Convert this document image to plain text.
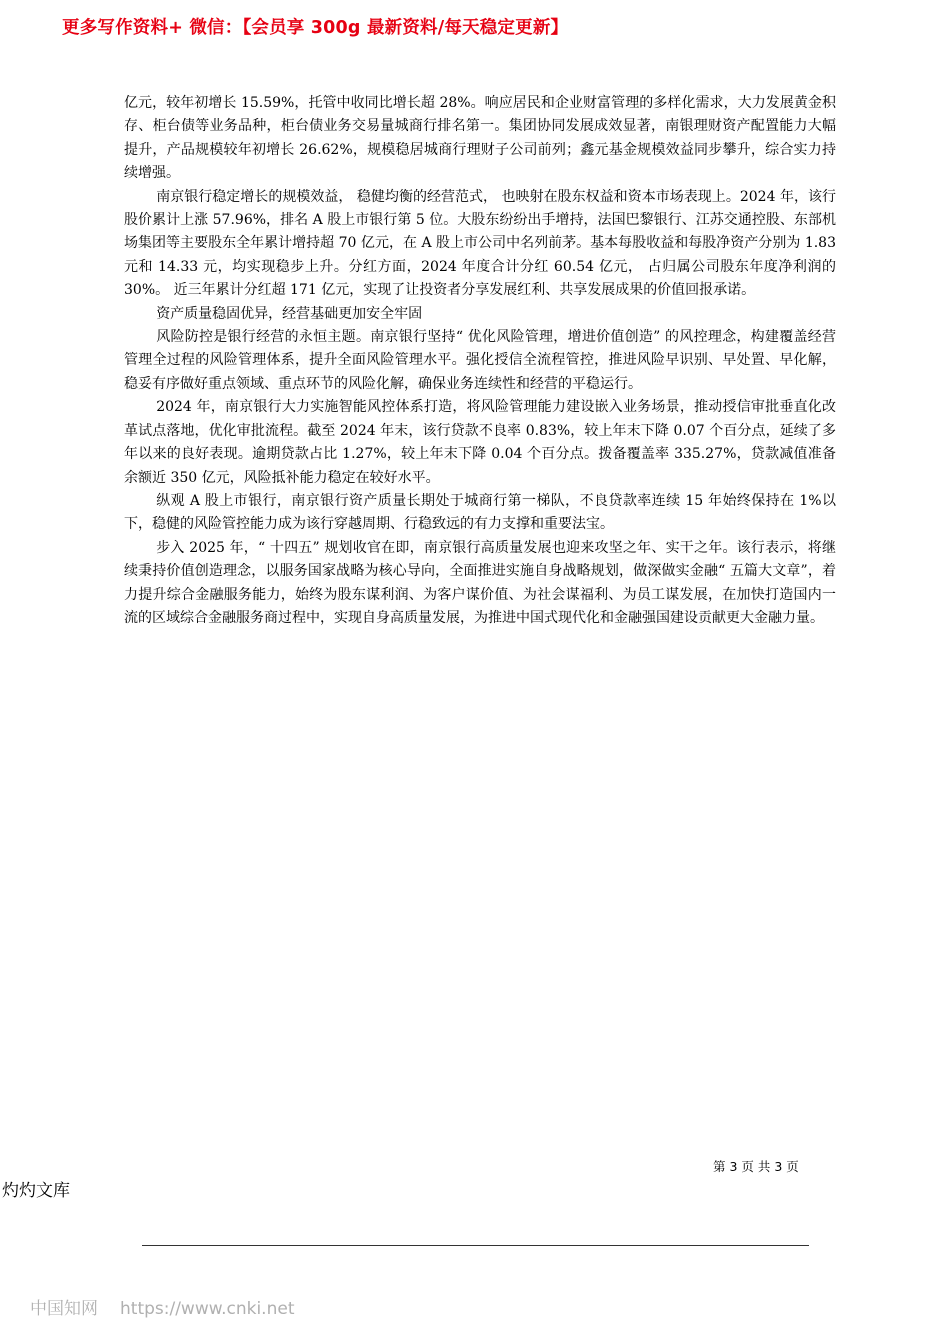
更多写作资料+ 微信：【会员享 300g 最新资料/每天稳定更新】

亿元，较年初增长 15.59%，托管中收同比增长超 28%。响应居民和企业财富管理的多样化需求，大力发展黄金积存、柜台债等业务品种，柜台债业务交易量城商行排名第一。集团协同发展成效显著，南银理财资产配置能力大幅提升，产品规模较年初增长 26.62%，规模稳居城商行理财子公司前列；鑫元基金规模效益同步攀升，综合实力持续增强。

南京银行稳定增长的规模效益， 稳健均衡的经营范式， 也映射在股东权益和资本市场表现上。2024 年，该行股价累计上涨 57.96%，排名 A 股上市银行第 5 位。大股东纷纷出手增持，法国巴黎银行、江苏交通控股、东部机场集团等主要股东全年累计增持超 70 亿元，在 A 股上市公司中名列前茅。基本每股收益和每股净资产分别为 1.83 元和 14.33 元，均实现稳步上升。分红方面，2024 年度合计分红 60.54 亿元， 占归属公司股东年度净利润的 30%。 近三年累计分红超 171 亿元，实现了让投资者分享发展红利、共享发展成果的价值回报承诺。

资产质量稳固优异，经营基础更加安全牢固

风险防控是银行经营的永恒主题。南京银行坚持“ 优化风险管理，增进价值创造” 的风控理念，构建覆盖经营管理全过程的风险管理体系，提升全面风险管理水平。强化授信全流程管控，推进风险早识别、早处置、早化解，稳妥有序做好重点领域、重点环节的风险化解，确保业务连续性和经营的平稳运行。

2024 年，南京银行大力实施智能风控体系打造，将风险管理能力建设嵌入业务场景，推动授信审批垂直化改革试点落地，优化审批流程。截至 2024 年末，该行贷款不良率 0.83%，较上年末下降 0.07 个百分点，延续了多年以来的良好表现。逾期贷款占比 1.27%，较上年末下降 0.04 个百分点。拨备覆盖率 335.27%，贷款减值准备余额近 350 亿元，风险抵补能力稳定在较好水平。

纵观 A 股上市银行，南京银行资产质量长期处于城商行第一梯队，不良贷款率连续 15 年始终保持在 1%以下，稳健的风险管控能力成为该行穿越周期、行稳致远的有力支撑和重要法宝。

步入 2025 年，“ 十四五” 规划收官在即，南京银行高质量发展也迎来攻坚之年、实干之年。该行表示，将继续秉持价值创造理念，以服务国家战略为核心导向，全面推进实施自身战略规划，做深做实金融“ 五篇大文章”，着力提升综合金融服务能力，始终为股东谋利润、为客户谋价值、为社会谋福利、为员工谋发展，在加快打造国内一流的区域综合金融服务商过程中，实现自身高质量发展，为推进中国式现代化和金融强国建设贡献更大金融力量。

第 3 页 共 3 页
灼灼文库
中国知网 https://www.cnki.net
